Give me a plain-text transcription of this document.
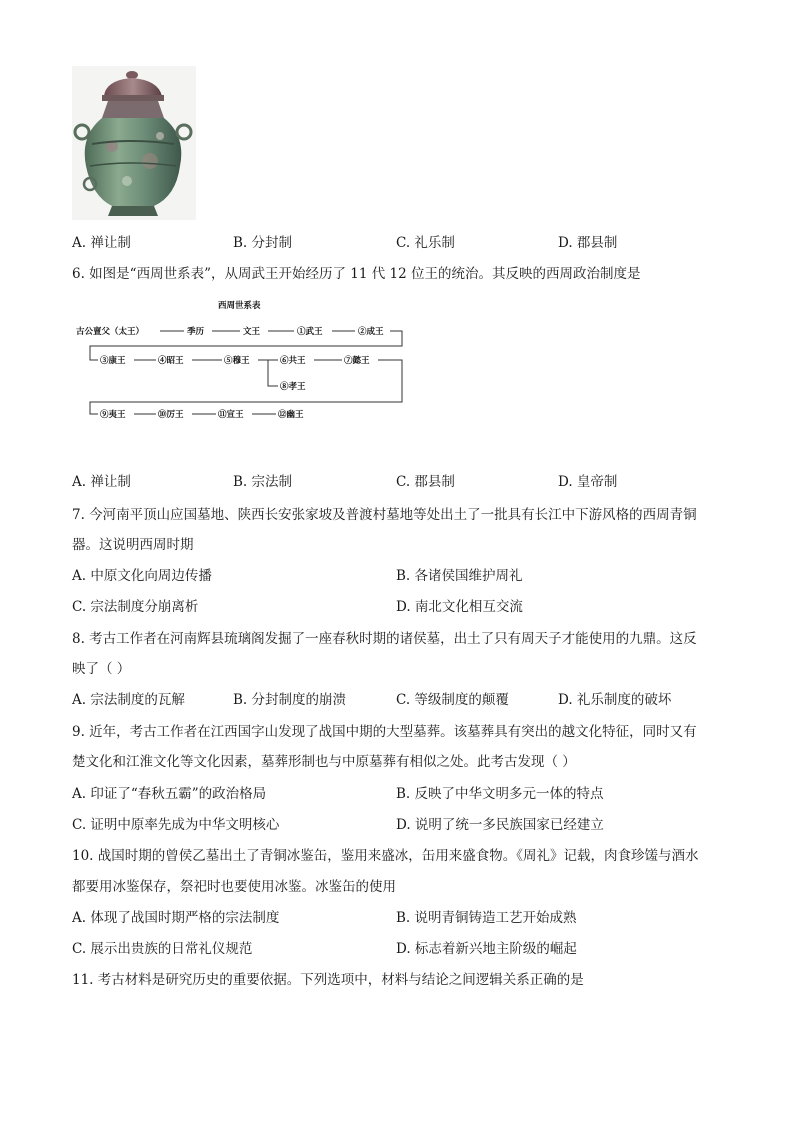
A. 禅让制	B. 分封制	C. 礼乐制	D. 郡县制
6. 如图是“西周世系表”，从周武王开始经历了 11 代 12 位王的统治。其反映的西周政治制度是
西周世系表
古公亶父（太王）	季历	文王	①武王	②成王
③康王	④昭王	⑤穆王	⑥共王	⑦懿王
⑧孝王
⑨夷王	⑩厉王	⑪宣王	⑫幽王
A. 禅让制	B. 宗法制	C. 郡县制	D. 皇帝制
7. 今河南平顶山应国墓地、陕西长安张家坡及普渡村墓地等处出土了一批具有长江中下游风格的西周青铜
器。这说明西周时期
A. 中原文化向周边传播	B. 各诸侯国维护周礼
C. 宗法制度分崩离析	D. 南北文化相互交流
8. 考古工作者在河南辉县琉璃阁发掘了一座春秋时期的诸侯墓，出土了只有周天子才能使用的九鼎。这反
映了（ ）
A. 宗法制度的瓦解	B. 分封制度的崩溃	C. 等级制度的颠覆	D. 礼乐制度的破坏
9. 近年，考古工作者在江西国字山发现了战国中期的大型墓葬。该墓葬具有突出的越文化特征，同时又有
楚文化和江淮文化等文化因素，墓葬形制也与中原墓葬有相似之处。此考古发现（ ）
A. 印证了“春秋五霸”的政治格局	B. 反映了中华文明多元一体的特点
C. 证明中原率先成为中华文明核心	D. 说明了统一多民族国家已经建立
10. 战国时期的曾侯乙墓出土了青铜冰鉴缶，鉴用来盛冰，缶用来盛食物。《周礼》记载，肉食珍馐与酒水
都要用冰鉴保存，祭祀时也要使用冰鉴。冰鉴缶的使用
A. 体现了战国时期严格的宗法制度	B. 说明青铜铸造工艺开始成熟
C. 展示出贵族的日常礼仪规范	D. 标志着新兴地主阶级的崛起
11. 考古材料是研究历史的重要依据。下列选项中，材料与结论之间逻辑关系正确的是
